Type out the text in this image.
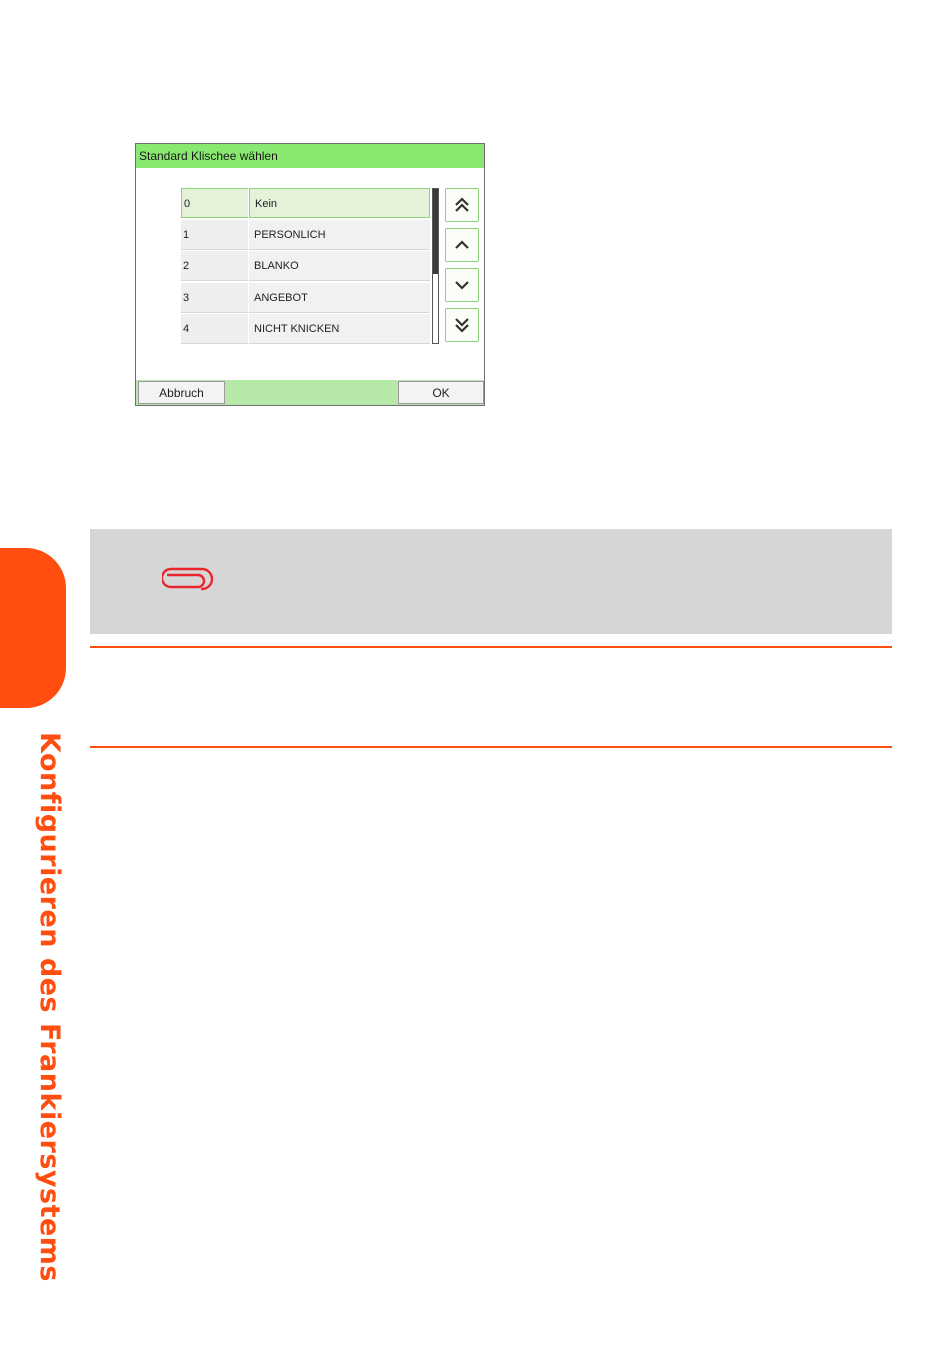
Konfigurieren des Frankiersystems
Standard Klischee wählen
0	Kein
1	PERSONLICH
2	BLANKO
3	ANGEBOT
4	NICHT KNICKEN
Abbruch	OK
